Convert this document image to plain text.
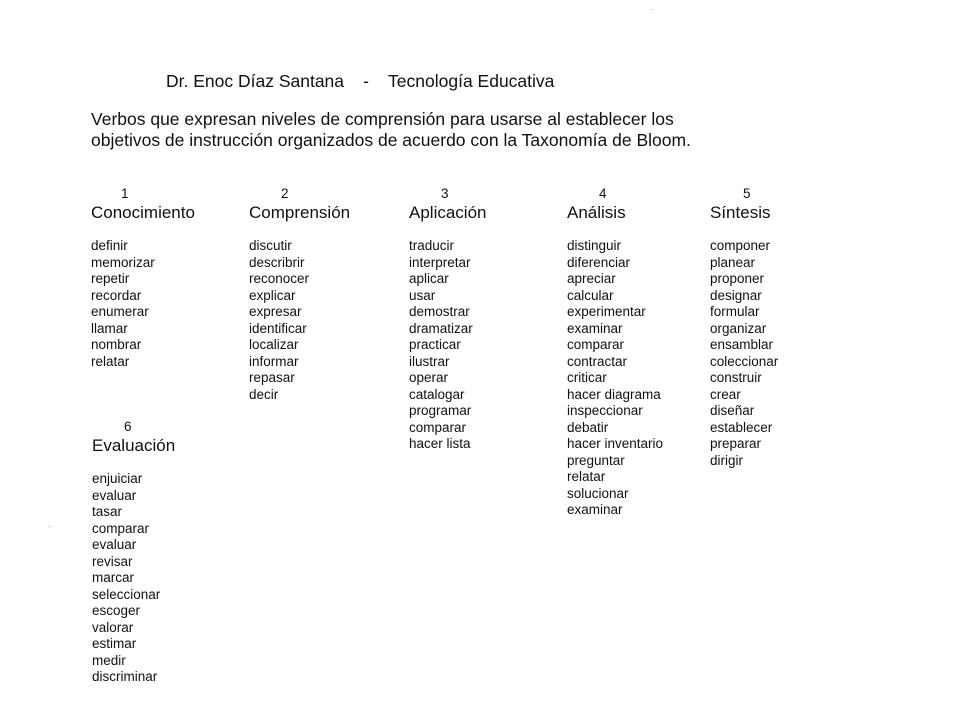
Dr. Enoc Díaz Santana - Tecnología Educativa
Verbos que expresan niveles de comprensión para usarse al establecer los
objetivos de instrucción organizados de acuerdo con la Taxonomía de Bloom.
1
Conocimiento
definir
memorizar
repetir
recordar
enumerar
llamar
nombrar
relatar
2
Comprensión
discutir
describrir
reconocer
explicar
expresar
identificar
localizar
informar
repasar
decir
3
Aplicación
traducir
interpretar
aplicar
usar
demostrar
dramatizar
practicar
ilustrar
operar
catalogar
programar
comparar
hacer lista
4
Análisis
distinguir
diferenciar
apreciar
calcular
experimentar
examinar
comparar
contractar
criticar
hacer diagrama
inspeccionar
debatir
hacer inventario
preguntar
relatar
solucionar
examinar
5
Síntesis
componer
planear
proponer
designar
formular
organizar
ensamblar
coleccionar
construir
crear
diseñar
establecer
preparar
dirigir
6
Evaluación
enjuiciar
evaluar
tasar
comparar
evaluar
revisar
marcar
seleccionar
escoger
valorar
estimar
medir
discriminar
